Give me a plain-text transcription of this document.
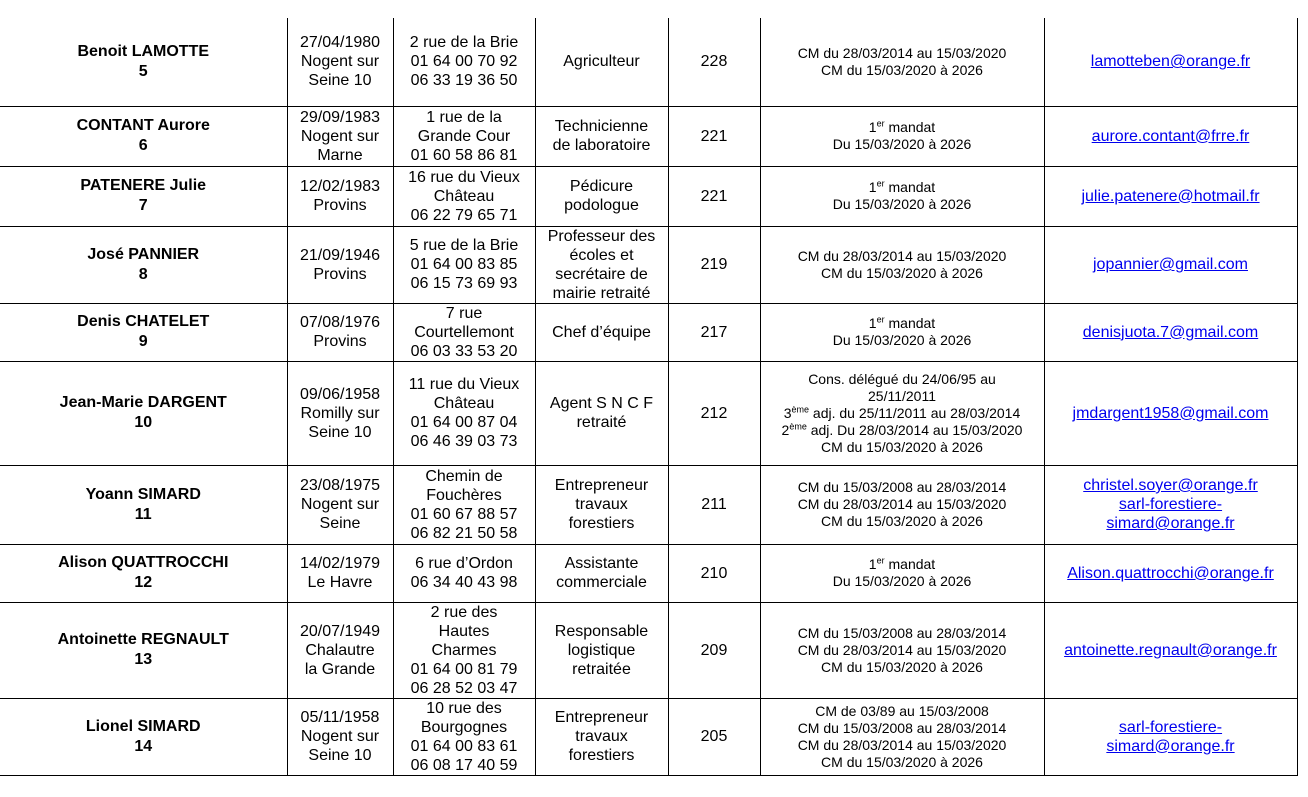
Benoit LAMOTTE
5	27/04/1980
Nogent sur
Seine 10	2 rue de la Brie
01 64 00 70 92
06 33 19 36 50	Agriculteur	228	CM du 28/03/2014 au 15/03/2020
CM du 15/03/2020 à 2026	lamotteben@orange.fr

CONTANT Aurore
6	29/09/1983
Nogent sur
Marne	1 rue de la
Grande Cour
01 60 58 86 81	Technicienne
de laboratoire	221	1er mandat
Du 15/03/2020 à 2026	aurore.contant@frre.fr

PATENERE Julie
7	12/02/1983
Provins	16 rue du Vieux
Château
06 22 79 65 71	Pédicure
podologue	221	1er mandat
Du 15/03/2020 à 2026	julie.patenere@hotmail.fr

José PANNIER
8	21/09/1946
Provins	5 rue de la Brie
01 64 00 83 85
06 15 73 69 93	Professeur des
écoles et
secrétaire de
mairie retraité	219	CM du 28/03/2014 au 15/03/2020
CM du 15/03/2020 à 2026	jopannier@gmail.com

Denis CHATELET
9	07/08/1976
Provins	7 rue
Courtellemont
06 03 33 53 20	Chef d’équipe	217	1er mandat
Du 15/03/2020 à 2026	denisjuota.7@gmail.com

Jean-Marie DARGENT
10	09/06/1958
Romilly sur
Seine 10	11 rue du Vieux
Château
01 64 00 87 04
06 46 39 03 73	Agent S N C F
retraité	212	Cons. délégué du 24/06/95 au
25/11/2011
3ème adj. du 25/11/2011 au 28/03/2014
2ème adj. Du 28/03/2014 au 15/03/2020
CM du 15/03/2020 à 2026	jmdargent1958@gmail.com

Yoann SIMARD
11	23/08/1975
Nogent sur
Seine	Chemin de
Fouchères
01 60 67 88 57
06 82 21 50 58	Entrepreneur
travaux
forestiers	211	CM du 15/03/2008 au 28/03/2014
CM du 28/03/2014 au 15/03/2020
CM du 15/03/2020 à 2026	christel.soyer@orange.fr
sarl-forestiere-
simard@orange.fr

Alison QUATTROCCHI
12	14/02/1979
Le Havre	6 rue d’Ordon
06 34 40 43 98	Assistante
commerciale	210	1er mandat
Du 15/03/2020 à 2026	Alison.quattrocchi@orange.fr

Antoinette REGNAULT
13	20/07/1949
Chalautre
la Grande	2 rue des
Hautes
Charmes
01 64 00 81 79
06 28 52 03 47	Responsable
logistique
retraitée	209	CM du 15/03/2008 au 28/03/2014
CM du 28/03/2014 au 15/03/2020
CM du 15/03/2020 à 2026	antoinette.regnault@orange.fr

Lionel SIMARD
14	05/11/1958
Nogent sur
Seine 10	10 rue des
Bourgognes
01 64 00 83 61
06 08 17 40 59	Entrepreneur
travaux
forestiers	205	CM de 03/89 au 15/03/2008
CM du 15/03/2008 au 28/03/2014
CM du 28/03/2014 au 15/03/2020
CM du 15/03/2020 à 2026	sarl-forestiere-
simard@orange.fr
